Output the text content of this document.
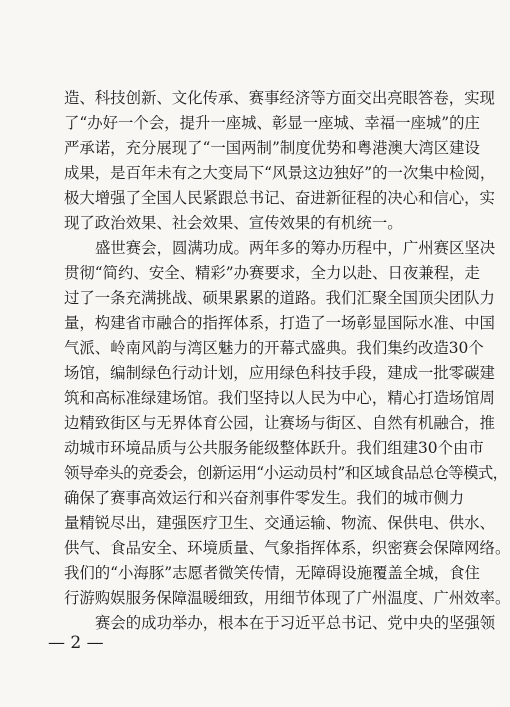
造、科技创新、文化传承、赛事经济等方面交出亮眼答卷，实现
了“办好一个会，提升一座城、彰显一座城、幸福一座城”的庄
严承诺，充分展现了“一国两制”制度优势和粤港澳大湾区建设
成果，是百年未有之大变局下“风景这边独好”的一次集中检阅，
极大增强了全国人民紧跟总书记、奋进新征程的决心和信心，实
现了政治效果、社会效果、宣传效果的有机统一。
盛世赛会，圆满功成。两年多的筹办历程中，广州赛区坚决
贯彻“简约、安全、精彩”办赛要求，全力以赴、日夜兼程，走
过了一条充满挑战、硕果累累的道路。我们汇聚全国顶尖团队力
量，构建省市融合的指挥体系，打造了一场彰显国际水准、中国
气派、岭南风韵与湾区魅力的开幕式盛典。我们集约改造30个
场馆，编制绿色行动计划，应用绿色科技手段，建成一批零碳建
筑和高标准绿建场馆。我们坚持以人民为中心，精心打造场馆周
边精致街区与无界体育公园，让赛场与街区、自然有机融合，推
动城市环境品质与公共服务能级整体跃升。我们组建30个由市
领导牵头的竞委会，创新运用“小运动员村”和区域食品总仓等模式，
确保了赛事高效运行和兴奋剂事件零发生。我们的城市侧力
量精锐尽出，建强医疗卫生、交通运输、物流、保供电、供水、
供气、食品安全、环境质量、气象指挥体系，织密赛会保障网络。
我们的“小海豚”志愿者微笑传情，无障碍设施覆盖全城，食住
行游购娱服务保障温暖细致，用细节体现了广州温度、广州效率。
赛会的成功举办，根本在于习近平总书记、党中央的坚强领
— 2 —
